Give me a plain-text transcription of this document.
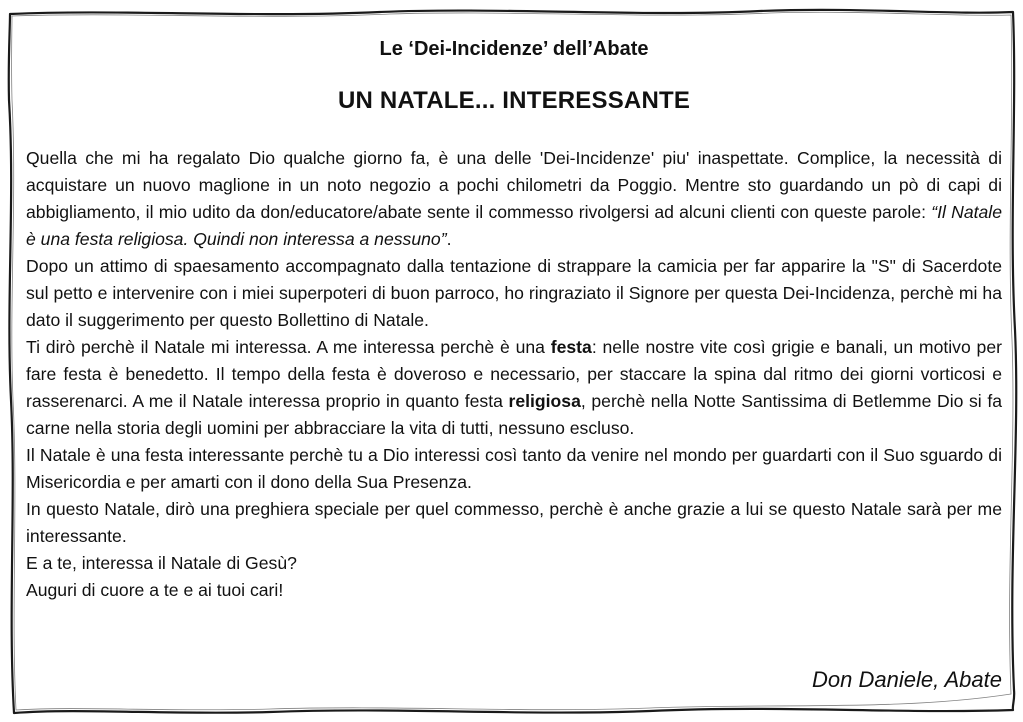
Le ‘Dei-Incidenze’ dell’Abate
UN NATALE... INTERESSANTE

Quella che mi ha regalato Dio qualche giorno fa, è una delle 'Dei-Incidenze' piu' inaspettate. Complice, la necessità di acquistare un nuovo maglione in un noto negozio a pochi chilometri da Poggio. Mentre sto guardando un pò di capi di abbigliamento, il mio udito da don/educatore/abate sente il commesso rivolgersi ad alcuni clienti con queste parole: “Il Natale è una festa religiosa. Quindi non interessa a nessuno”.

Dopo un attimo di spaesamento accompagnato dalla tentazione di strappare la camicia per far apparire la "S" di Sacerdote sul petto e intervenire con i miei superpoteri di buon parroco, ho ringraziato il Signore per questa Dei-Incidenza, perchè mi ha dato il suggerimento per questo Bollettino di Natale.

Ti dirò perchè il Natale mi interessa. A me interessa perchè è una festa: nelle nostre vite così grigie e banali, un motivo per fare festa è benedetto. Il tempo della festa è doveroso e necessario, per staccare la spina dal ritmo dei giorni vorticosi e rasserenarci. A me il Natale interessa proprio in quanto festa religiosa, perchè nella Notte Santissima di Betlemme Dio si fa carne nella storia degli uomini per abbracciare la vita di tutti, nessuno escluso.

Il Natale è una festa interessante perchè tu a Dio interessi così tanto da venire nel mondo per guardarti con il Suo sguardo di Misericordia e per amarti con il dono della Sua Presenza.

In questo Natale, dirò una preghiera speciale per quel commesso, perchè è anche grazie a lui se questo Natale sarà per me interessante.

E a te, interessa il Natale di Gesù?

Auguri di cuore a te e ai tuoi cari!

Don Daniele, Abate
